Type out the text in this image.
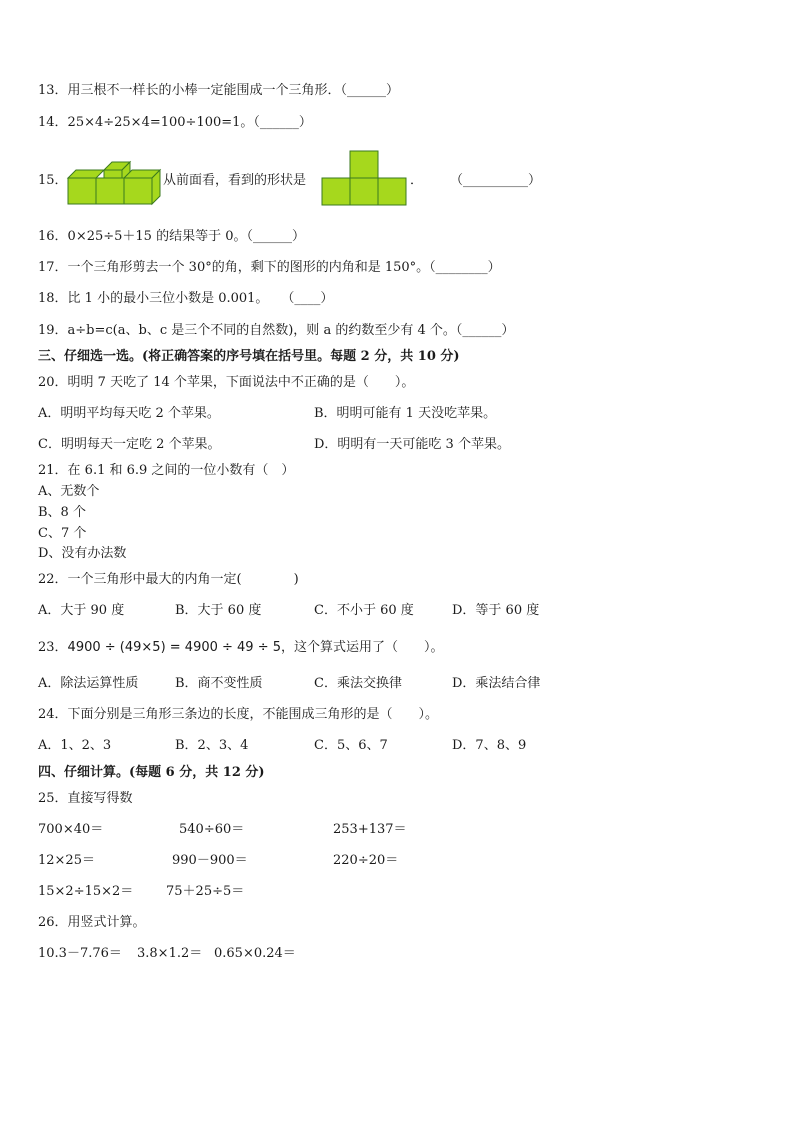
13．用三根不一样长的小棒一定能围成一个三角形．（______）
14．25×4÷25×4=100÷100=1。（______）
15．	从前面看，看到的形状是	． （__________）
16．0×25÷5＋15 的结果等于 0。（______）
17．一个三角形剪去一个 30°的角，剩下的图形的内角和是 150°。（________）
18．比 1 小的最小三位小数是 0.001。　　（____）
19．a÷b=c(a、b、c 是三个不同的自然数)，则 a 的约数至少有 4 个。（______）
三、仔细选一选。(将正确答案的序号填在括号里。每题 2 分，共 10 分)
20．明明 7 天吃了 14 个苹果，下面说法中不正确的是（　　）。
A．明明平均每天吃 2 个苹果。	B．明明可能有 1 天没吃苹果。
C．明明每天一定吃 2 个苹果。	D．明明有一天可能吃 3 个苹果。
21．在 6.1 和 6.9 之间的一位小数有（　）
A、无数个
B、8 个
C、7 个
D、没有办法数
22．一个三角形中最大的内角一定(　　　　)
A．大于 90 度	B．大于 60 度	C．不小于 60 度	D．等于 60 度
23．4900 ÷ (49×5) = 4900 ÷ 49 ÷ 5，这个算式运用了（　　）。
A．除法运算性质	B．商不变性质	C．乘法交换律	D．乘法结合律
24．下面分别是三角形三条边的长度，不能围成三角形的是（　　）。
A．1、2、3	B．2、3、4	C．5、6、7	D．7、8、9
四、仔细计算。(每题 6 分，共 12 分)
25．直接写得数
700×40＝	540÷60＝	253+137＝
12×25＝	990－900＝	220÷20＝
15×2÷15×2＝	75＋25÷5＝
26．用竖式计算。
10.3－7.76＝ 3.8×1.2＝ 0.65×0.24＝
